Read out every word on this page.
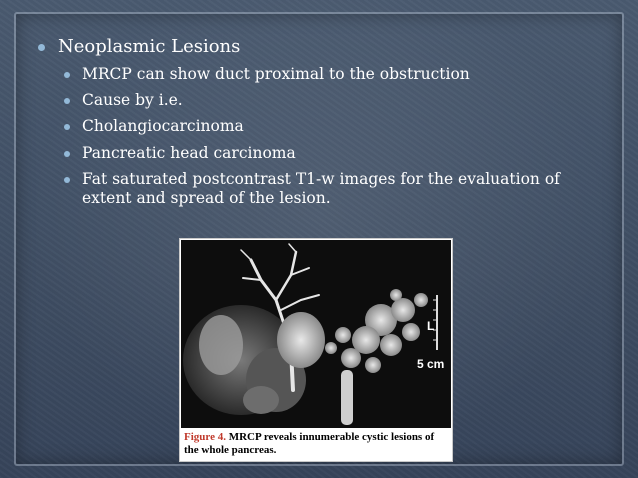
Neoplasmic Lesions
MRCP can show duct proximal to the obstruction
Cause by i.e.
Cholangiocarcinoma
Pancreatic head carcinoma
Fat saturated postcontrast T1-w images for the evaluation of extent and spread of the lesion.
L
5 cm
Figure 4. MRCP reveals innumerable cystic lesions of the whole pancreas.
